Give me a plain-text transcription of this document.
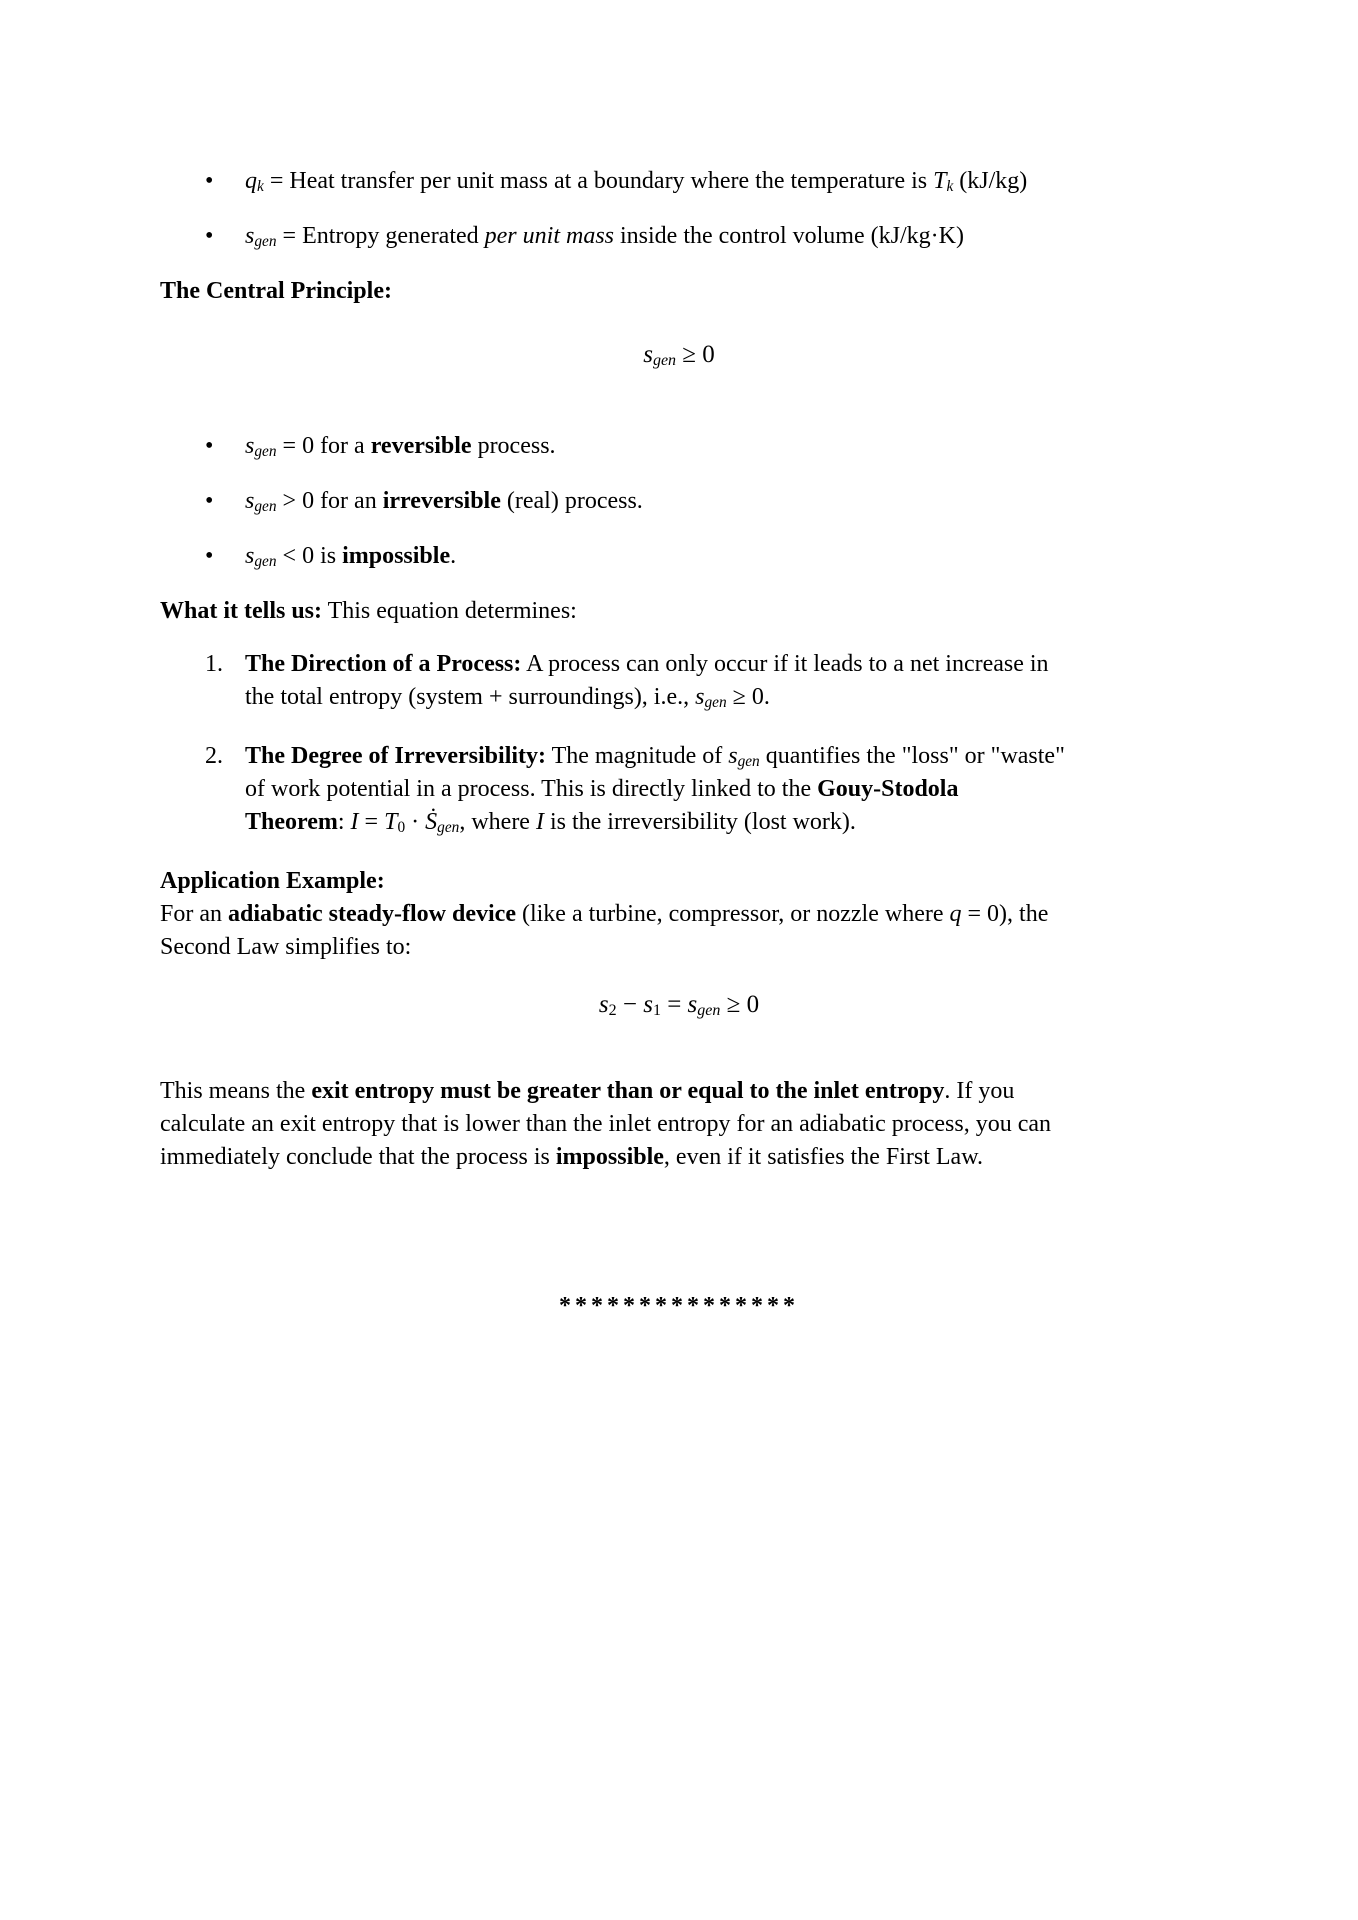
•	qk = Heat transfer per unit mass at a boundary where the temperature is Tk (kJ/kg)
•	sgen = Entropy generated per unit mass inside the control volume (kJ/kg·K)
The Central Principle:
sgen ≥ 0
•	sgen = 0 for a reversible process.
•	sgen > 0 for an irreversible (real) process.
•	sgen < 0 is impossible.
What it tells us: This equation determines:
1. The Direction of a Process: A process can only occur if it leads to a net increase in
the total entropy (system + surroundings), i.e., sgen ≥ 0.
2. The Degree of Irreversibility: The magnitude of sgen quantifies the "loss" or "waste"
of work potential in a process. This is directly linked to the Gouy-Stodola
Theorem: I = T0 · Ṡgen, where I is the irreversibility (lost work).
Application Example:
For an adiabatic steady-flow device (like a turbine, compressor, or nozzle where q = 0), the
Second Law simplifies to:
s2 − s1 = sgen ≥ 0
This means the exit entropy must be greater than or equal to the inlet entropy. If you
calculate an exit entropy that is lower than the inlet entropy for an adiabatic process, you can
immediately conclude that the process is impossible, even if it satisfies the First Law.
***************
